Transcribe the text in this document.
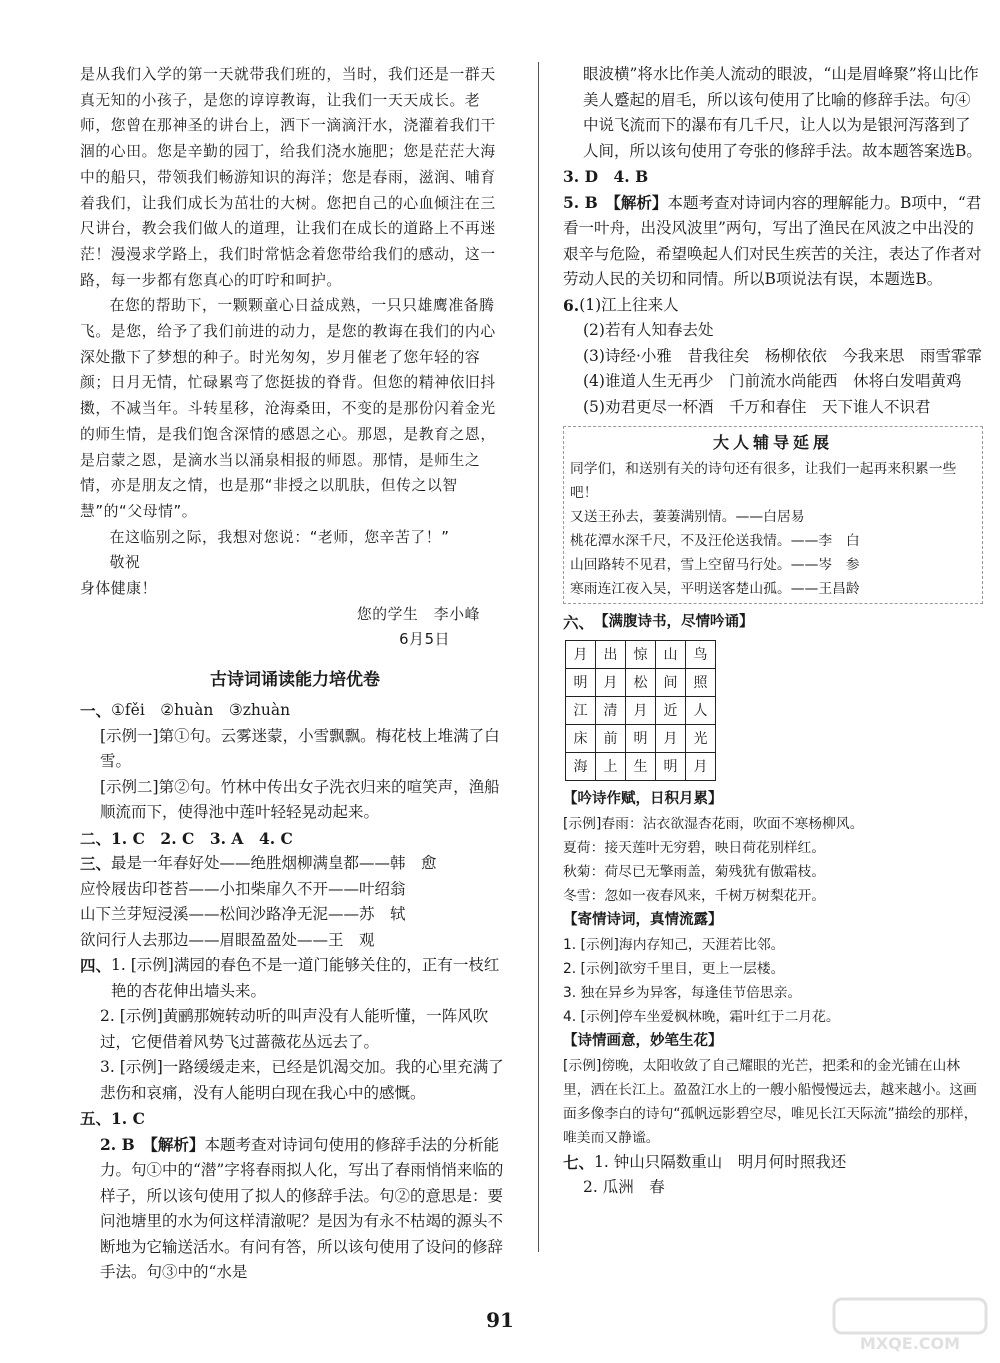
是从我们入学的第一天就带我们班的，当时，我们还是一群天真无知的小孩子，是您的谆谆教诲，让我们一天天成长。老师，您曾在那神圣的讲台上，洒下一滴滴汗水，浇灌着我们干涸的心田。您是辛勤的园丁，给我们浇水施肥；您是茫茫大海中的船只，带领我们畅游知识的海洋；您是春雨，滋润、哺育着我们，让我们成长为茁壮的大树。您把自己的心血倾注在三尺讲台，教会我们做人的道理，让我们在成长的道路上不再迷茫！漫漫求学路上，我们时常惦念着您带给我们的感动，这一路，每一步都有您真心的叮咛和呵护。

在您的帮助下，一颗颗童心日益成熟，一只只雄鹰准备腾飞。是您，给予了我们前进的动力，是您的教诲在我们的内心深处撒下了梦想的种子。时光匆匆，岁月催老了您年轻的容颜；日月无情，忙碌累弯了您挺拔的脊背。但您的精神依旧抖擞，不减当年。斗转星移，沧海桑田，不变的是那份闪着金光的师生情，是我们饱含深情的感恩之心。那恩，是教育之恩，是启蒙之恩，是滴水当以涌泉相报的师恩。那情，是师生之情，亦是朋友之情，也是那“非授之以肌肤，但传之以智慧”的“父母情”。

在这临别之际，我想对您说：“老师，您辛苦了！”

敬祝

身体健康！

您的学生　李小峰

6月5日

古诗词诵读能力培优卷
一、 ①fěi　②huàn　③zhuàn
[示例一]第①句。云雾迷蒙，小雪飘飘。梅花枝上堆满了白雪。
[示例二]第②句。竹林中传出女子洗衣归来的喧笑声，渔船顺流而下，使得池中莲叶轻轻晃动起来。
二、 1. C　2. C　3. A　4. C
三、 最是一年春好处——绝胜烟柳满皇都——韩　愈
应怜屐齿印苍苔——小扣柴扉久不开——叶绍翁
山下兰芽短浸溪——松间沙路净无泥——苏　轼
欲问行人去那边——眉眼盈盈处——王　观
四、 1. [示例]满园的春色不是一道门能够关住的，正有一枝红艳的杏花伸出墙头来。
2. [示例]黄鹂那婉转动听的叫声没有人能听懂，一阵风吹过，它便借着风势飞过蔷薇花丛远去了。
3. [示例]一路缓缓走来，已经是饥渴交加。我的心里充满了悲伤和哀痛，没有人能明白现在我心中的感慨。
五、 1. C
2. B　【解析】本题考查对诗词句使用的修辞手法的分析能力。句①中的“潜”字将春雨拟人化，写出了春雨悄悄来临的样子，所以该句使用了拟人的修辞手法。句②的意思是：要问池塘里的水为何这样清澈呢？是因为有永不枯竭的源头不断地为它输送活水。有问有答，所以该句使用了设问的修辞手法。句③中的“水是
眼波横”将水比作美人流动的眼波，“山是眉峰聚”将山比作美人蹙起的眉毛，所以该句使用了比喻的修辞手法。句④中说飞流而下的瀑布有几千尺，让人以为是银河泻落到了人间，所以该句使用了夸张的修辞手法。故本题答案选B。
3. D　4. B
5. B　【解析】本题考查对诗词内容的理解能力。B项中，“君看一叶舟，出没风波里”两句，写出了渔民在风波之中出没的艰辛与危险，希望唤起人们对民生疾苦的关注，表达了作者对劳动人民的关切和同情。所以B项说法有误，本题选B。
6. (1)江上往来人
(2)若有人知春去处
(3)诗经·小雅　昔我往矣　杨柳依依　今我来思　雨雪霏霏
(4)谁道人生无再少　门前流水尚能西　休将白发唱黄鸡
(5)劝君更尽一杯酒　千万和春住　天下谁人不识君
大人辅导延展
同学们，和送别有关的诗句还有很多，让我们一起再来积累一些吧！
又送王孙去，萋萋满别情。——白居易
桃花潭水深千尺，不及汪伦送我情。——李　白
山回路转不见君，雪上空留马行处。——岑　参
寒雨连江夜入吴，平明送客楚山孤。——王昌龄
六、 【满腹诗书，尽情吟诵】
月	出	惊	山	鸟
明	月	松	间	照
江	清	月	近	人
床	前	明	月	光
海	上	生	明	月
【吟诗作赋，日积月累】
[示例]春雨：沾衣欲湿杏花雨，吹面不寒杨柳风。
夏荷：接天莲叶无穷碧，映日荷花别样红。
秋菊：荷尽已无擎雨盖，菊残犹有傲霜枝。
冬雪：忽如一夜春风来，千树万树梨花开。
【寄情诗词，真情流露】
1. [示例]海内存知己，天涯若比邻。
2. [示例]欲穷千里目，更上一层楼。
3. 独在异乡为异客，每逢佳节倍思亲。
4. [示例]停车坐爱枫林晚，霜叶红于二月花。
【诗情画意，妙笔生花】
[示例]傍晚，太阳收敛了自己耀眼的光芒，把柔和的金光铺在山林里，洒在长江上。盈盈江水上的一艘小船慢慢远去，越来越小。这画面多像李白的诗句“孤帆远影碧空尽，唯见长江天际流”描绘的那样，唯美而又静谧。
七、 1. 钟山只隔数重山　明月何时照我还
2. 瓜洲　春
91
MXQE.COM
